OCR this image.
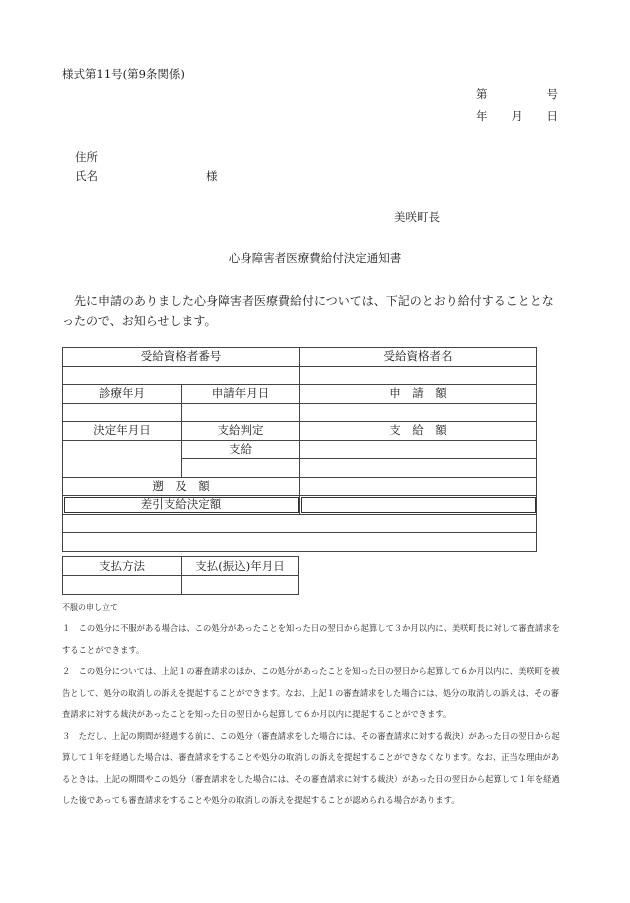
様式第11号(第9条関係)
第	号
年 月 日
住所
氏名	様
美咲町長
心身障害者医療費給付決定通知書
先に申請のありました心身障害者医療費給付については、下記のとおり給付することとなったので、お知らせします。
受給資格者番号		受給資格者名

診療年月	申請年月日	申　請　額

決定年月日	支給判定	支　給　額
	支給	

遡　及　額		
差引支給決定額		

支払方法	支払(振込)年月日

不服の申し立て

１　この処分に不服がある場合は、この処分があったことを知った日の翌日から起算して３か月以内に、美咲町長に対して審査請求をすることができます。

２　この処分については、上記１の審査請求のほか、この処分があったことを知った日の翌日から起算して６か月以内に、美咲町を被告として、処分の取消しの訴えを提起することができます。なお、上記１の審査請求をした場合には、処分の取消しの訴えは、その審査請求に対する裁決があったことを知った日の翌日から起算して６か月以内に提起することができます。

３　ただし、上記の期間が経過する前に、この処分（審査請求をした場合には、その審査請求に対する裁決）があった日の翌日から起算して１年を経過した場合は、審査請求をすることや処分の取消しの訴えを提起することができなくなります。なお、正当な理由があるときは、上記の期間やこの処分（審査請求をした場合には、その審査請求に対する裁決）があった日の翌日から起算して１年を経過した後であっても審査請求をすることや処分の取消しの訴えを提起することが認められる場合があります。
